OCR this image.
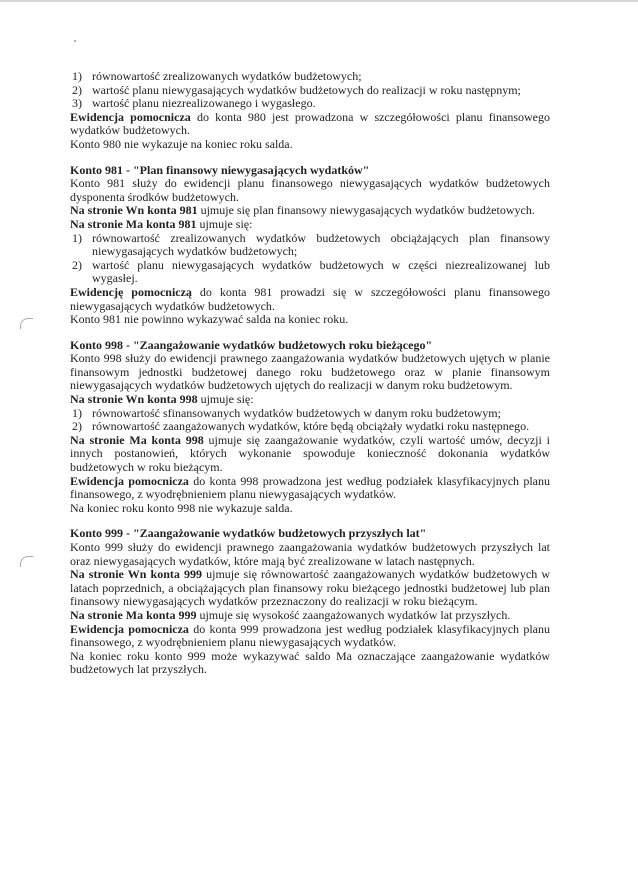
1) równowartość zrealizowanych wydatków budżetowych;
2) wartość planu niewygasających wydatków budżetowych do realizacji w roku następnym;
3) wartość planu niezrealizowanego i wygasłego.

Ewidencja pomocnicza do konta 980 jest prowadzona w szczegółowości planu finansowego wydatków budżetowych.

Konto 980 nie wykazuje na koniec roku salda.

Konto 981 - "Plan finansowy niewygasających wydatków"

Konto 981 służy do ewidencji planu finansowego niewygasających wydatków budżetowych dysponenta środków budżetowych.

Na stronie Wn konta 981 ujmuje się plan finansowy niewygasających wydatków budżetowych.

Na stronie Ma konta 981 ujmuje się:

1) równowartość zrealizowanych wydatków budżetowych obciążających plan finansowy niewygasających wydatków budżetowych;
2) wartość planu niewygasających wydatków budżetowych w części niezrealizowanej lub wygasłej.

Ewidencję pomocniczą do konta 981 prowadzi się w szczegółowości planu finansowego niewygasających wydatków budżetowych.

Konto 981 nie powinno wykazywać salda na koniec roku.

Konto 998 - "Zaangażowanie wydatków budżetowych roku bieżącego"

Konto 998 służy do ewidencji prawnego zaangażowania wydatków budżetowych ujętych w planie finansowym jednostki budżetowej danego roku budżetowego oraz w planie finansowym niewygasających wydatków budżetowych ujętych do realizacji w danym roku budżetowym.

Na stronie Wn konta 998 ujmuje się:

1) równowartość sfinansowanych wydatków budżetowych w danym roku budżetowym;
2) równowartość zaangażowanych wydatków, które będą obciążały wydatki roku następnego.

Na stronie Ma konta 998 ujmuje się zaangażowanie wydatków, czyli wartość umów, decyzji i innych postanowień, których wykonanie spowoduje konieczność dokonania wydatków budżetowych w roku bieżącym.

Ewidencja pomocnicza do konta 998 prowadzona jest według podziałek klasyfikacyjnych planu finansowego, z wyodrębnieniem planu niewygasających wydatków.

Na koniec roku konto 998 nie wykazuje salda.

Konto 999 - "Zaangażowanie wydatków budżetowych przyszłych lat"

Konto 999 służy do ewidencji prawnego zaangażowania wydatków budżetowych przyszłych lat oraz niewygasających wydatków, które mają być zrealizowane w latach następnych.

Na stronie Wn konta 999 ujmuje się równowartość zaangażowanych wydatków budżetowych w latach poprzednich, a obciążających plan finansowy roku bieżącego jednostki budżetowej lub plan finansowy niewygasających wydatków przeznaczony do realizacji w roku bieżącym.

Na stronie Ma konta 999 ujmuje się wysokość zaangażowanych wydatków lat przyszłych.

Ewidencja pomocnicza do konta 999 prowadzona jest według podziałek klasyfikacyjnych planu finansowego, z wyodrębnieniem planu niewygasających wydatków.

Na koniec roku konto 999 może wykazywać saldo Ma oznaczające zaangażowanie wydatków budżetowych lat przyszłych.
